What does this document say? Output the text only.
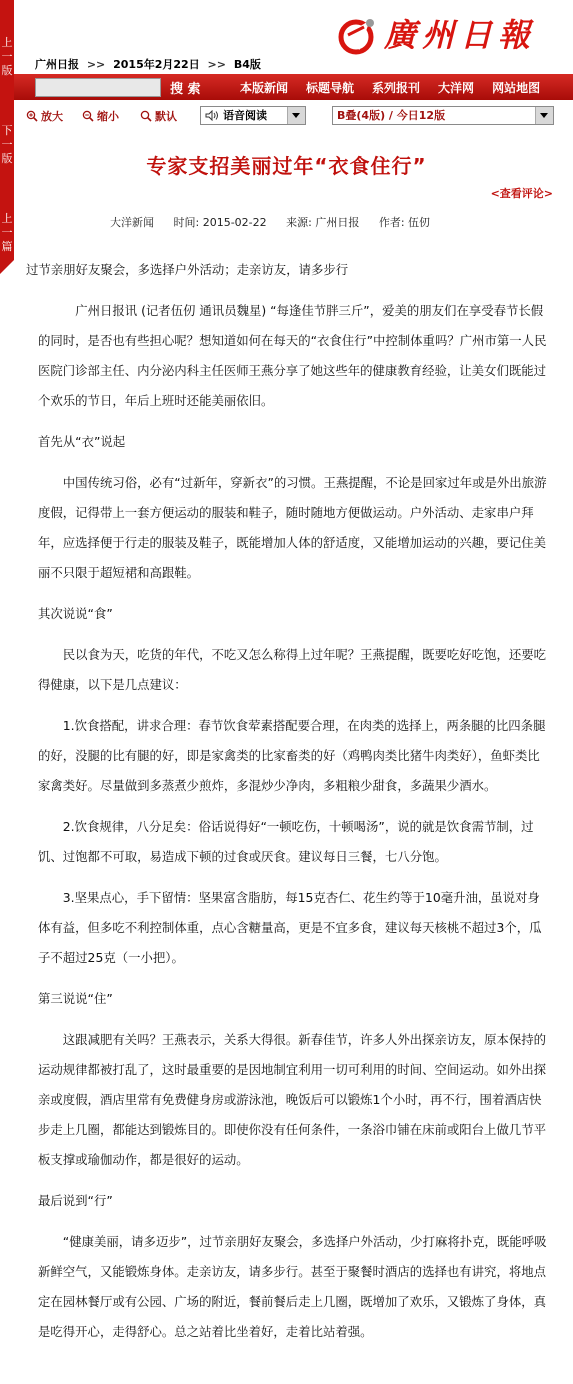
上一版
下一版
上一篇
广州日报 >> 2015年2月22日 >> B4版
廣州日報
搜 索	本版新闻 标题导航 系列报刊 大洋网 网站地图
放大	缩小	默认	语音阅读	B叠(4版) / 今日12版
专家支招美丽过年“衣食住行”
<查看评论>
大洋新闻 时间: 2015-02-22 来源: 广州日报 作者: 伍仞

过节亲朋好友聚会，多选择户外活动；走亲访友，请多步行

广州日报讯 (记者伍仞 通讯员魏星) “每逢佳节胖三斤”，爱美的朋友们在享受春节长假的同时，是否也有些担心呢？想知道如何在每天的“衣食住行”中控制体重吗？广州市第一人民医院门诊部主任、内分泌内科主任医师王燕分享了她这些年的健康教育经验，让美女们既能过个欢乐的节日，年后上班时还能美丽依旧。

首先从“衣”说起

中国传统习俗，必有“过新年，穿新衣”的习惯。王燕提醒，不论是回家过年或是外出旅游度假，记得带上一套方便运动的服装和鞋子，随时随地方便做运动。户外活动、走家串户拜年，应选择便于行走的服装及鞋子，既能增加人体的舒适度，又能增加运动的兴趣，要记住美丽不只限于超短裙和高跟鞋。

其次说说“食”

民以食为天，吃货的年代，不吃又怎么称得上过年呢？王燕提醒，既要吃好吃饱，还要吃得健康，以下是几点建议：

1.饮食搭配，讲求合理：春节饮食荤素搭配要合理，在肉类的选择上，两条腿的比四条腿的好，没腿的比有腿的好，即是家禽类的比家畜类的好（鸡鸭肉类比猪牛肉类好），鱼虾类比家禽类好。尽量做到多蒸煮少煎炸，多混炒少净肉，多粗粮少甜食，多蔬果少酒水。

2.饮食规律，八分足矣：俗话说得好“一顿吃伤，十顿喝汤”，说的就是饮食需节制，过饥、过饱都不可取，易造成下顿的过食或厌食。建议每日三餐，七八分饱。

3.坚果点心，手下留情：坚果富含脂肪，每15克杏仁、花生约等于10毫升油，虽说对身体有益，但多吃不利控制体重，点心含糖量高，更是不宜多食，建议每天核桃不超过3个，瓜子不超过25克（一小把）。

第三说说“住”

这跟减肥有关吗？王燕表示，关系大得很。新春佳节，许多人外出探亲访友，原本保持的运动规律都被打乱了，这时最重要的是因地制宜利用一切可利用的时间、空间运动。如外出探亲或度假，酒店里常有免费健身房或游泳池，晚饭后可以锻炼1个小时，再不行，围着酒店快步走上几圈，都能达到锻炼目的。即使你没有任何条件，一条浴巾铺在床前或阳台上做几节平板支撑或瑜伽动作，都是很好的运动。

最后说到“行”

“健康美丽，请多迈步”，过节亲朋好友聚会，多选择户外活动，少打麻将扑克，既能呼吸新鲜空气，又能锻炼身体。走亲访友，请多步行。甚至于聚餐时酒店的选择也有讲究，将地点定在园林餐厅或有公园、广场的附近，餐前餐后走上几圈，既增加了欢乐，又锻炼了身体，真是吃得开心，走得舒心。总之站着比坐着好，走着比站着强。
